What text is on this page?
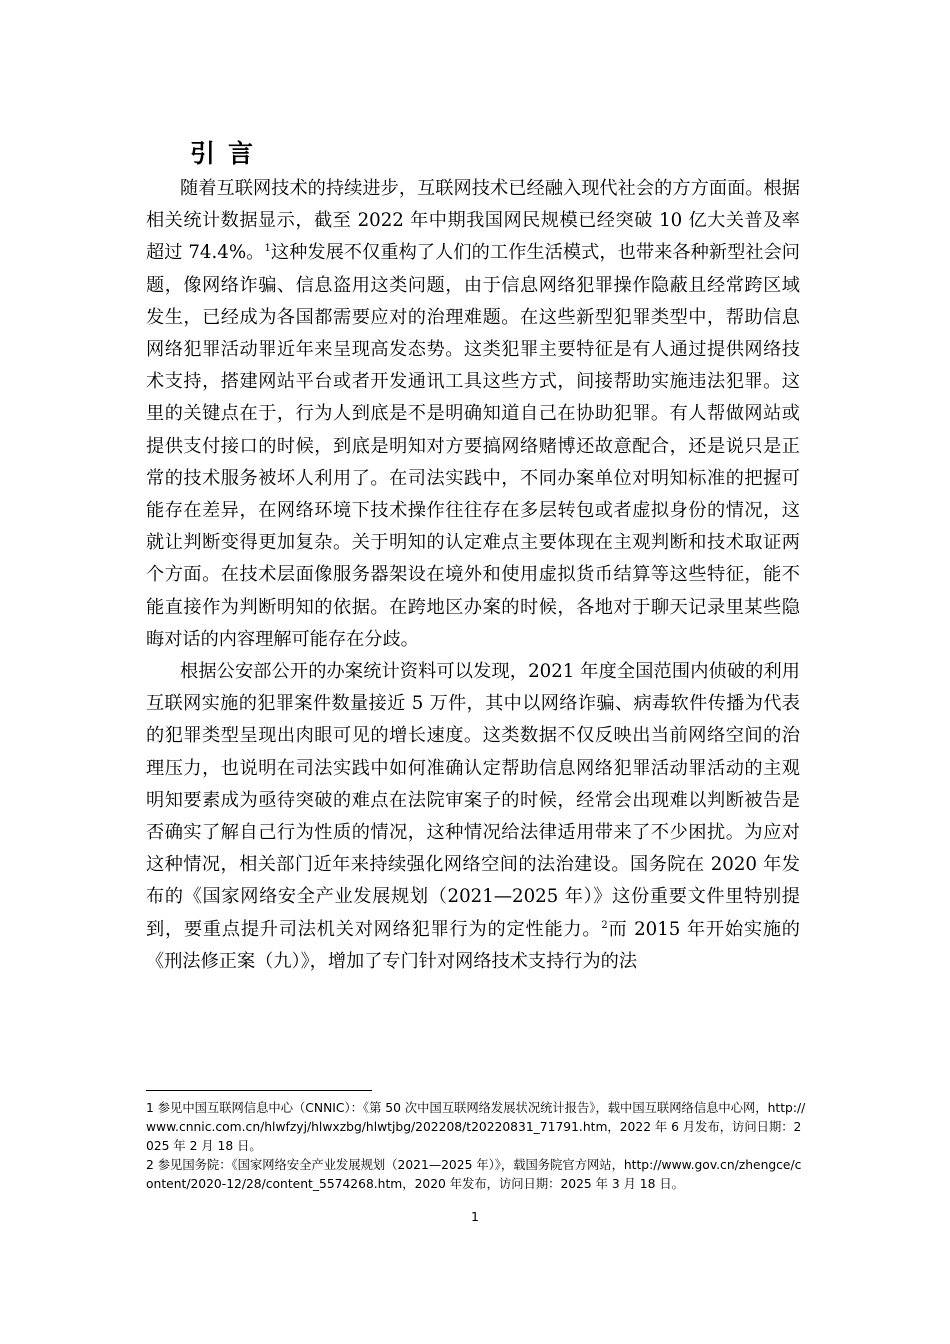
引言

随着互联网技术的持续进步，互联网技术已经融入现代社会的方方面面。根据相关统计数据显示，截至 2022 年中期我国网民规模已经突破 10 亿大关普及率超过 74.4%。$^1$这种发展不仅重构了人们的工作生活模式，也带来各种新型社会问题，像网络诈骗、信息盗用这类问题，由于信息网络犯罪操作隐蔽且经常跨区域发生，已经成为各国都需要应对的治理难题。在这些新型犯罪类型中，帮助信息网络犯罪活动罪近年来呈现高发态势。这类犯罪主要特征是有人通过提供网络技术支持，搭建网站平台或者开发通讯工具这些方式，间接帮助实施违法犯罪。这里的关键点在于，行为人到底是不是明确知道自己在协助犯罪。有人帮做网站或提供支付接口的时候，到底是明知对方要搞网络赌博还故意配合，还是说只是正常的技术服务被坏人利用了。在司法实践中，不同办案单位对明知标准的把握可能存在差异，在网络环境下技术操作往往存在多层转包或者虚拟身份的情况，这就让判断变得更加复杂。关于明知的认定难点主要体现在主观判断和技术取证两个方面。在技术层面像服务器架设在境外和使用虚拟货币结算等这些特征，能不能直接作为判断明知的依据。在跨地区办案的时候，各地对于聊天记录里某些隐晦对话的内容理解可能存在分歧。

根据公安部公开的办案统计资料可以发现，2021 年度全国范围内侦破的利用互联网实施的犯罪案件数量接近 5 万件，其中以网络诈骗、病毒软件传播为代表的犯罪类型呈现出肉眼可见的增长速度。这类数据不仅反映出当前网络空间的治理压力，也说明在司法实践中如何准确认定帮助信息网络犯罪活动罪活动的主观明知要素成为亟待突破的难点在法院审案子的时候，经常会出现难以判断被告是否确实了解自己行为性质的情况，这种情况给法律适用带来了不少困扰。为应对这种情况，相关部门近年来持续强化网络空间的法治建设。国务院在 2020 年发布的《国家网络安全产业发展规划（2021—2025 年）》这份重要文件里特别提到，要重点提升司法机关对网络犯罪行为的定性能力。$^2$而 2015 年开始实施的《刑法修正案（九）》，增加了专门针对网络技术支持行为的法

1 参见中国互联网信息中心（CNNIC）：《第 50 次中国互联网络发展状况统计报告》，载中国互联网络信息中心网，http://www.cnnic.com.cn/hlwfzyj/hlwxzbg/hlwtjbg/202208/t20220831_71791.htm，2022 年 6 月发布，访问日期：2025 年 2 月 18 日。

2 参见国务院：《国家网络安全产业发展规划（2021—2025 年）》，载国务院官方网站，http://www.gov.cn/zhengce/content/2020-12/28/content_5574268.htm，2020 年发布，访问日期：2025 年 3 月 18 日。

1
